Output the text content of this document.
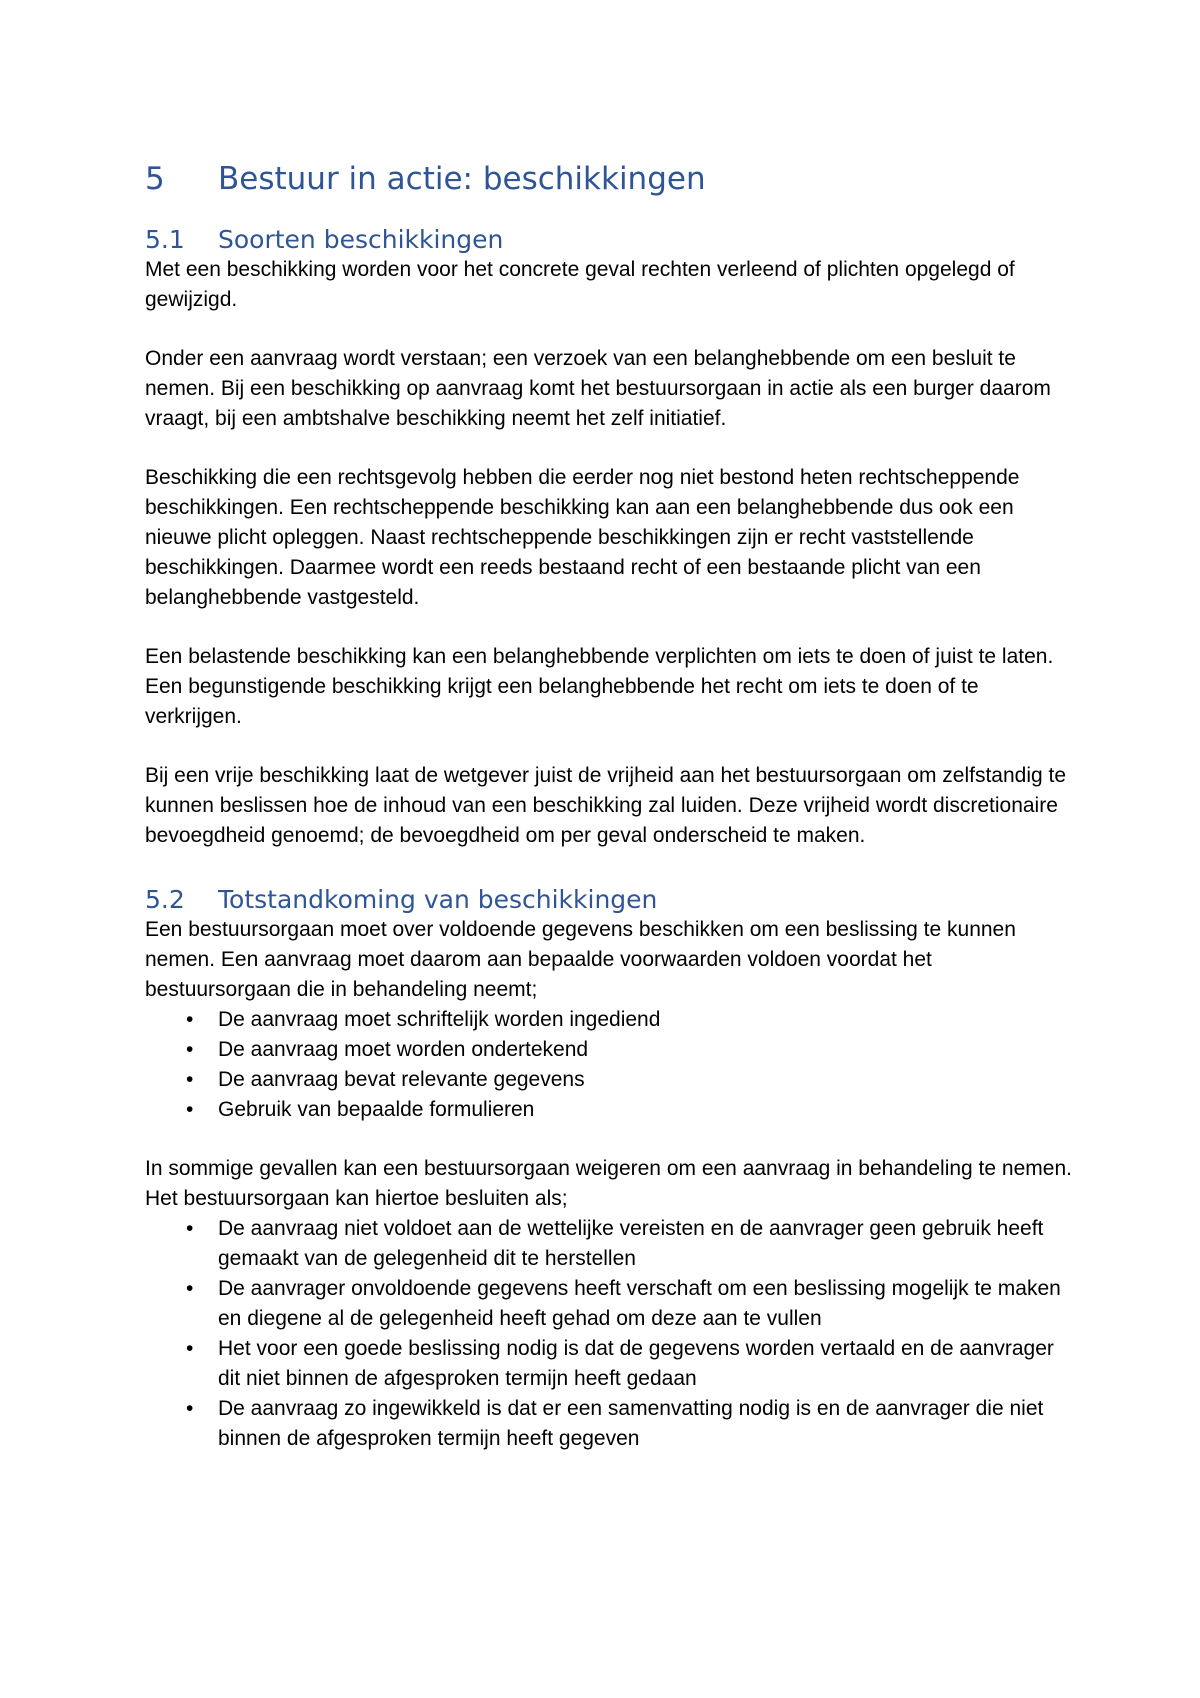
5	Bestuur in actie: beschikkingen
5.1	Soorten beschikkingen

Met een beschikking worden voor het concrete geval rechten verleend of plichten opgelegd of gewijzigd.

Onder een aanvraag wordt verstaan; een verzoek van een belanghebbende om een besluit te nemen. Bij een beschikking op aanvraag komt het bestuursorgaan in actie als een burger daarom vraagt, bij een ambtshalve beschikking neemt het zelf initiatief.

Beschikking die een rechtsgevolg hebben die eerder nog niet bestond heten rechtscheppende beschikkingen. Een rechtscheppende beschikking kan aan een belanghebbende dus ook een nieuwe plicht opleggen. Naast rechtscheppende beschikkingen zijn er recht vaststellende beschikkingen. Daarmee wordt een reeds bestaand recht of een bestaande plicht van een belanghebbende vastgesteld.

Een belastende beschikking kan een belanghebbende verplichten om iets te doen of juist te laten. Een begunstigende beschikking krijgt een belanghebbende het recht om iets te doen of te verkrijgen.

Bij een vrije beschikking laat de wetgever juist de vrijheid aan het bestuursorgaan om zelfstandig te kunnen beslissen hoe de inhoud van een beschikking zal luiden. Deze vrijheid wordt discretionaire bevoegdheid genoemd; de bevoegdheid om per geval onderscheid te maken.

5.2	Totstandkoming van beschikkingen

Een bestuursorgaan moet over voldoende gegevens beschikken om een beslissing te kunnen nemen. Een aanvraag moet daarom aan bepaalde voorwaarden voldoen voordat het bestuursorgaan die in behandeling neemt;

• De aanvraag moet schriftelijk worden ingediend
• De aanvraag moet worden ondertekend
• De aanvraag bevat relevante gegevens
• Gebruik van bepaalde formulieren

In sommige gevallen kan een bestuursorgaan weigeren om een aanvraag in behandeling te nemen. Het bestuursorgaan kan hiertoe besluiten als;

• De aanvraag niet voldoet aan de wettelijke vereisten en de aanvrager geen gebruik heeft gemaakt van de gelegenheid dit te herstellen
• De aanvrager onvoldoende gegevens heeft verschaft om een beslissing mogelijk te maken en diegene al de gelegenheid heeft gehad om deze aan te vullen
• Het voor een goede beslissing nodig is dat de gegevens worden vertaald en de aanvrager dit niet binnen de afgesproken termijn heeft gedaan
• De aanvraag zo ingewikkeld is dat er een samenvatting nodig is en de aanvrager die niet binnen de afgesproken termijn heeft gegeven
